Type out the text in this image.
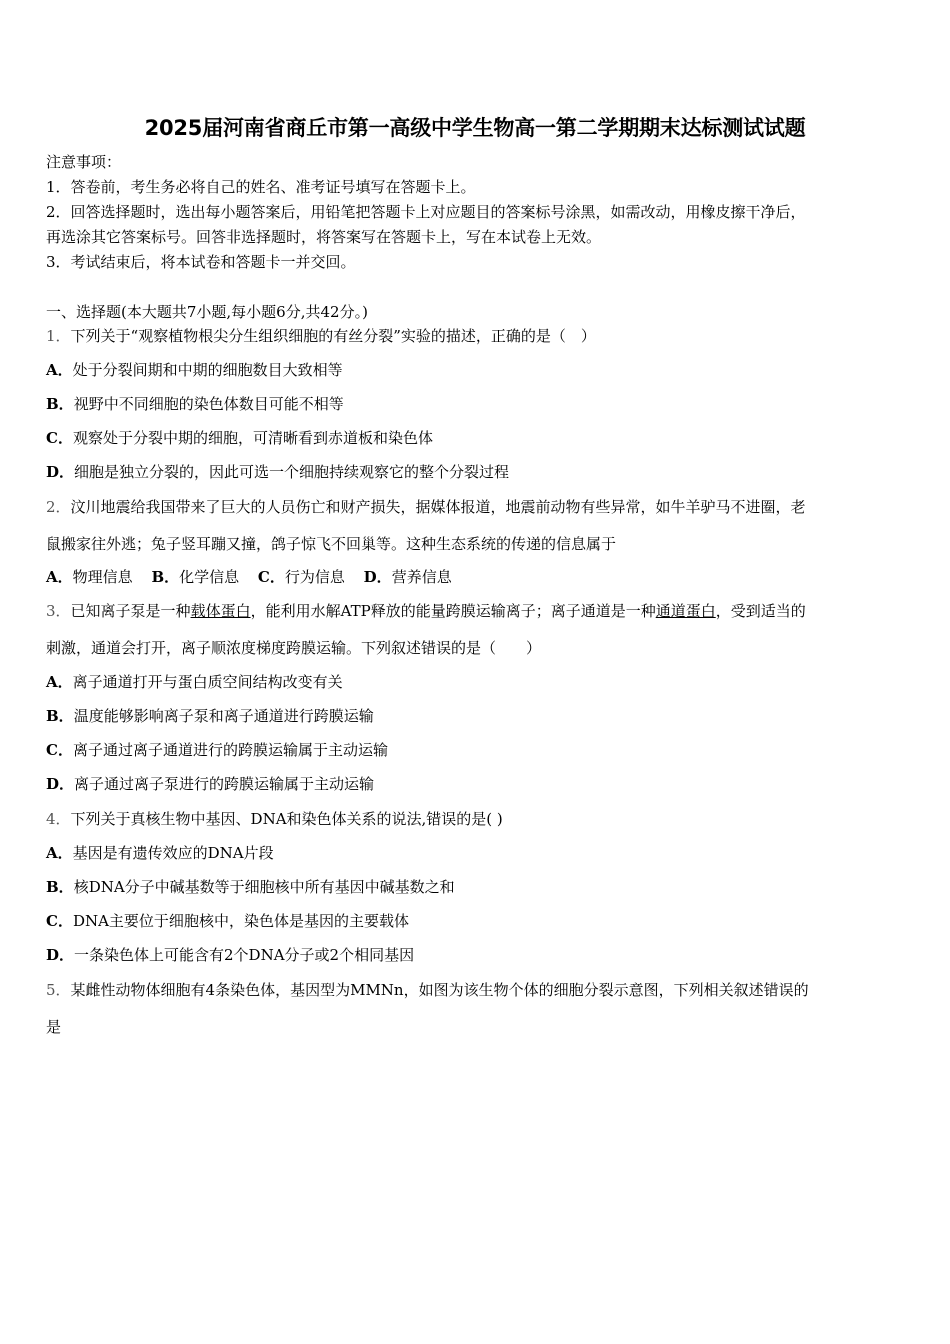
2025届河南省商丘市第一高级中学生物高一第二学期期末达标测试试题
注意事项：
1．答卷前，考生务必将自己的姓名、准考证号填写在答题卡上。
2．回答选择题时，选出每小题答案后，用铅笔把答题卡上对应题目的答案标号涂黑，如需改动，用橡皮擦干净后，
再选涂其它答案标号。回答非选择题时，将答案写在答题卡上，写在本试卷上无效。
3．考试结束后，将本试卷和答题卡一并交回。
一、选择题(本大题共7小题,每小题6分,共42分。)
1．下列关于“观察植物根尖分生组织细胞的有丝分裂”实验的描述，正确的是（　）
A．处于分裂间期和中期的细胞数目大致相等
B．视野中不同细胞的染色体数目可能不相等
C．观察处于分裂中期的细胞，可清晰看到赤道板和染色体
D．细胞是独立分裂的，因此可选一个细胞持续观察它的整个分裂过程
2．汶川地震给我国带来了巨大的人员伤亡和财产损失，据媒体报道，地震前动物有些异常，如牛羊驴马不进圈，老
鼠搬家往外逃；兔子竖耳蹦又撞，鸽子惊飞不回巢等。这种生态系统的传递的信息属于
A．物理信息 B．化学信息 C．行为信息 D．营养信息
3．已知离子泵是一种载体蛋白，能利用水解ATP释放的能量跨膜运输离子；离子通道是一种通道蛋白，受到适当的
刺激，通道会打开，离子顺浓度梯度跨膜运输。下列叙述错误的是（　　）
A．离子通道打开与蛋白质空间结构改变有关
B．温度能够影响离子泵和离子通道进行跨膜运输
C．离子通过离子通道进行的跨膜运输属于主动运输
D．离子通过离子泵进行的跨膜运输属于主动运输
4．下列关于真核生物中基因、DNA和染色体关系的说法,错误的是( )
A．基因是有遗传效应的DNA片段
B．核DNA分子中碱基数等于细胞核中所有基因中碱基数之和
C．DNA主要位于细胞核中，染色体是基因的主要载体
D．一条染色体上可能含有2个DNA分子或2个相同基因
5．某雌性动物体细胞有4条染色体，基因型为MMNn，如图为该生物个体的细胞分裂示意图，下列相关叙述错误的
是
